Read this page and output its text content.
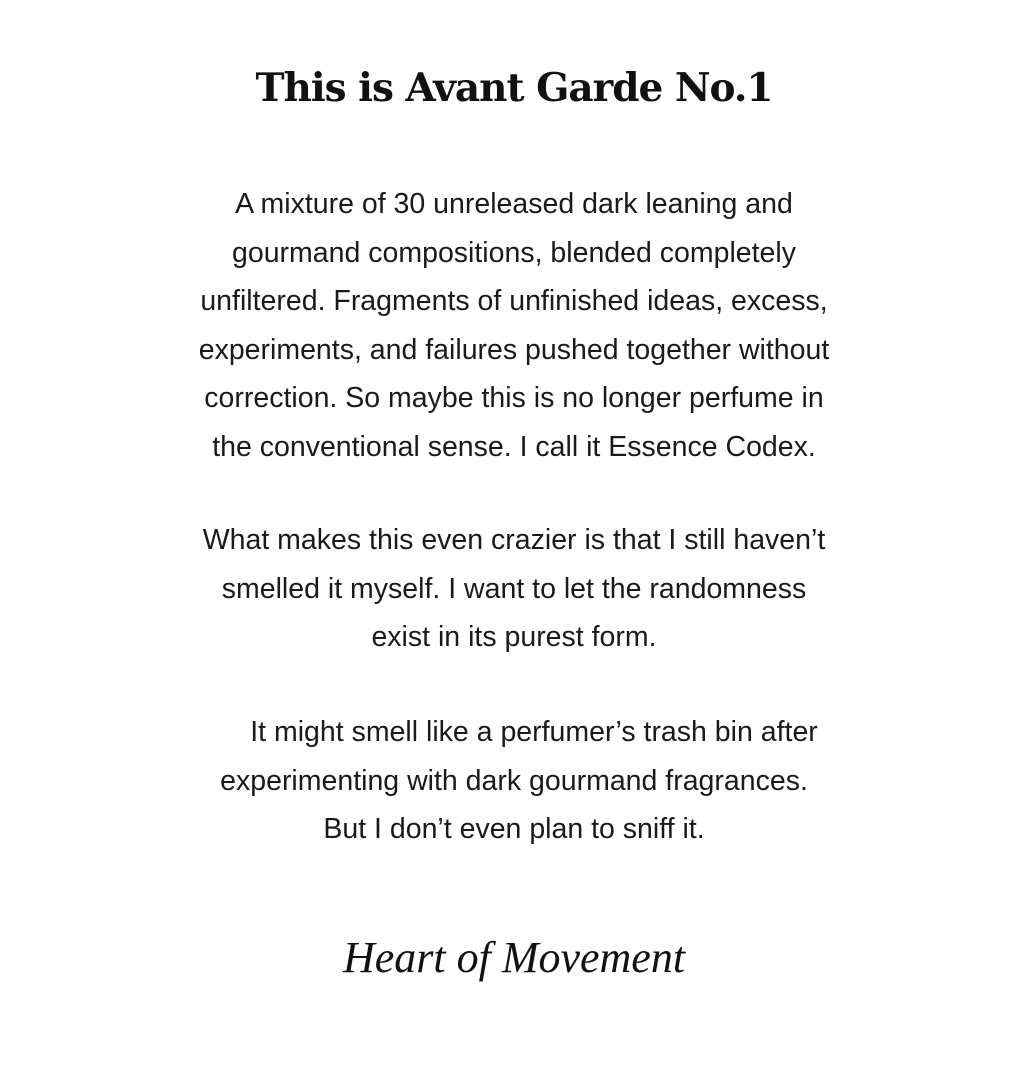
This is Avant Garde No.1

A mixture of 30 unreleased dark leaning and
gourmand compositions, blended completely
unfiltered. Fragments of unfinished ideas, excess,
experiments, and failures pushed together without
correction. So maybe this is no longer perfume in
the conventional sense. I call it Essence Codex.

What makes this even crazier is that I still haven’t
smelled it myself. I want to let the randomness
exist in its purest form.

It might smell like a perfumer’s trash bin after
experimenting with dark gourmand fragrances.
But I don’t even plan to sniff it.

Heart of Movement
